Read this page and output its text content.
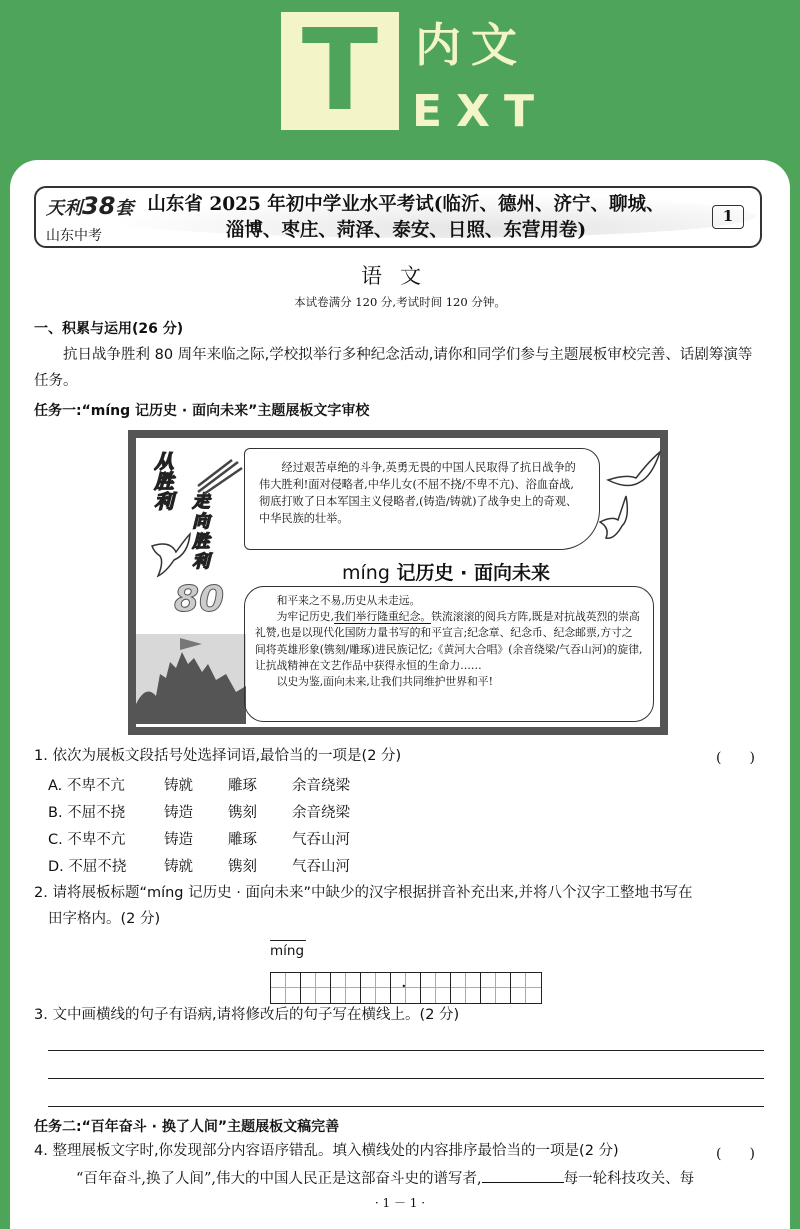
T 内文
EXT
天利38套
山东中考
山东省 2025 年初中学业水平考试(临沂、德州、济宁、聊城、
淄博、枣庄、菏泽、泰安、日照、东营用卷)
1
语文
本试卷满分 120 分,考试时间 120 分钟。
一、积累与运用(26 分)
抗日战争胜利 80 周年来临之际,学校拟举行多种纪念活动,请你和同学们参与主题展板审校完善、话剧筹演等任务。
任务一:“míng 记历史 · 面向未来”主题展板文字审校
从胜利 走向胜利
80
经过艰苦卓绝的斗争,英勇无畏的中国人民取得了抗日战争的伟大胜利!面对侵略者,中华儿女(不屈不挠/不卑不亢)、浴血奋战,彻底打败了日本军国主义侵略者,(铸造/铸就)了战争史上的奇观、中华民族的壮举。
míng 记历史 · 面向未来

和平来之不易,历史从未走远。

为牢记历史,我们举行隆重纪念。铁流滚滚的阅兵方阵,既是对抗战英烈的崇高礼赞,也是以现代化国防力量书写的和平宣言;纪念章、纪念币、纪念邮票,方寸之间将英雄形象(镌刻/雕琢)进民族记忆;《黄河大合唱》(余音绕梁/气吞山河)的旋律,让抗战精神在文艺作品中获得永恒的生命力……

以史为鉴,面向未来,让我们共同维护世界和平!

1. 依次为展板文段括号处选择词语,最恰当的一项是(2 分)	(　　)
A. 不卑不亢	铸就 雕琢 余音绕梁
B. 不屈不挠	铸造 镌刻 余音绕梁
C. 不卑不亢	铸造 雕琢 气吞山河
D. 不屈不挠	铸就 镌刻 气吞山河
2. 请将展板标题“míng 记历史 · 面向未来”中缺少的汉字根据拼音补充出来,并将八个汉字工整地书写在
田字格内。(2 分)
míng
·
3. 文中画横线的句子有语病,请将修改后的句子写在横线上。(2 分)
任务二:“百年奋斗 · 换了人间”主题展板文稿完善
4. 整理展板文字时,你发现部分内容语序错乱。填入横线处的内容排序最恰当的一项是(2 分)	(　　)
“百年奋斗,换了人间”,伟大的中国人民正是这部奋斗史的谱写者,	每一轮科技攻关、每
· 1 － 1 ·
